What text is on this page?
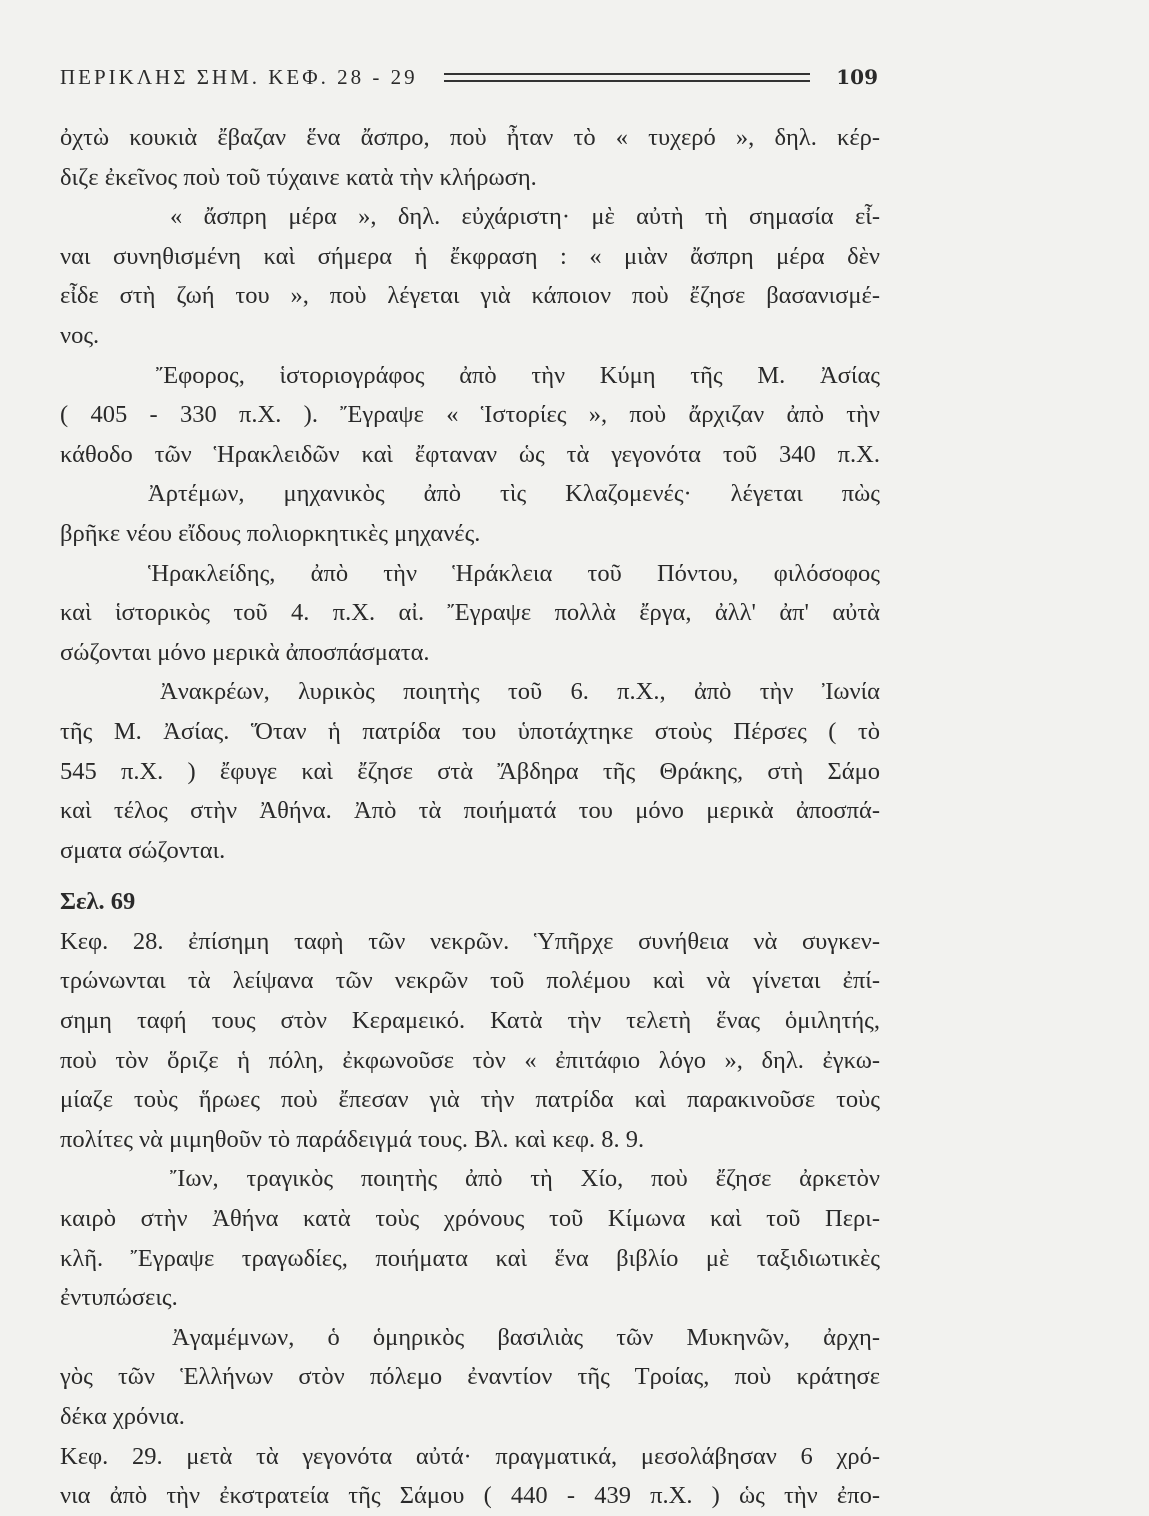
ΠΕΡΙΚΛΗΣ ΣΗΜ. ΚΕΦ. 28 - 29	109
ὀχτὼ κουκιὰ ἔβαζαν ἕνα ἄσπρο, ποὺ ἦταν τὸ « τυχερό », δηλ. κέρ-
διζε ἐκεῖνος ποὺ τοῦ τύχαινε κατὰ τὴν κλήρωση.
« ἄσπρη μέρα », δηλ. εὐχάριστη· μὲ αὐτὴ τὴ σημασία εἶ-
ναι συνηθισμένη καὶ σήμερα ἡ ἔκφραση : « μιὰν ἄσπρη μέρα δὲν
εἶδε στὴ ζωή του », ποὺ λέγεται γιὰ κάποιον ποὺ ἔζησε βασανισμέ-
νος.
Ἔφορος, ἱστοριογράφος ἀπὸ τὴν Κύμη τῆς Μ. Ἀσίας
( 405 - 330 π.Χ. ). Ἔγραψε « Ἱστορίες », ποὺ ἄρχιζαν ἀπὸ τὴν
κάθοδο τῶν Ἡρακλειδῶν καὶ ἔφταναν ὡς τὰ γεγονότα τοῦ 340 π.Χ.
Ἀρτέμων, μηχανικὸς ἀπὸ τὶς Κλαζομενές· λέγεται πὼς
βρῆκε νέου εἴδους πολιορκητικὲς μηχανές.
Ἡρακλείδης, ἀπὸ τὴν Ἡράκλεια τοῦ Πόντου, φιλόσοφος
καὶ ἱστορικὸς τοῦ 4. π.Χ. αἰ. Ἔγραψε πολλὰ ἔργα, ἀλλ' ἀπ' αὐτὰ
σώζονται μόνο μερικὰ ἀποσπάσματα.
Ἀνακρέων, λυρικὸς ποιητὴς τοῦ 6. π.Χ., ἀπὸ τὴν Ἰωνία
τῆς Μ. Ἀσίας. Ὅταν ἡ πατρίδα του ὑποτάχτηκε στοὺς Πέρσες ( τὸ
545 π.Χ. ) ἔφυγε καὶ ἔζησε στὰ Ἄβδηρα τῆς Θράκης, στὴ Σάμο
καὶ τέλος στὴν Ἀθήνα. Ἀπὸ τὰ ποιήματά του μόνο μερικὰ ἀποσπά-
σματα σώζονται.
Σελ. 69
Κεφ. 28. ἐπίσημη ταφὴ τῶν νεκρῶν. Ὑπῆρχε συνήθεια νὰ συγκεν-
τρώνωνται τὰ λείψανα τῶν νεκρῶν τοῦ πολέμου καὶ νὰ γίνεται ἐπί-
σημη ταφή τους στὸν Κεραμεικό. Κατὰ τὴν τελετὴ ἕνας ὁμιλητής,
ποὺ τὸν ὅριζε ἡ πόλη, ἐκφωνοῦσε τὸν « ἐπιτάφιο λόγο », δηλ. ἐγκω-
μίαζε τοὺς ἥρωες ποὺ ἔπεσαν γιὰ τὴν πατρίδα καὶ παρακινοῦσε τοὺς
πολίτες νὰ μιμηθοῦν τὸ παράδειγμά τους. Βλ. καὶ κεφ. 8. 9.
Ἴων, τραγικὸς ποιητὴς ἀπὸ τὴ Χίο, ποὺ ἔζησε ἀρκετὸν
καιρὸ στὴν Ἀθήνα κατὰ τοὺς χρόνους τοῦ Κίμωνα καὶ τοῦ Περι-
κλῆ. Ἔγραψε τραγωδίες, ποιήματα καὶ ἕνα βιβλίο μὲ ταξιδιωτικὲς
ἐντυπώσεις.
Ἀγαμέμνων, ὁ ὁμηρικὸς βασιλιὰς τῶν Μυκηνῶν, ἀρχη-
γὸς τῶν Ἑλλήνων στὸν πόλεμο ἐναντίον τῆς Τροίας, ποὺ κράτησε
δέκα χρόνια.
Κεφ. 29. μετὰ τὰ γεγονότα αὐτά· πραγματικά, μεσολάβησαν 6 χρό-
νια ἀπὸ τὴν ἐκστρατεία τῆς Σάμου ( 440 - 439 π.Χ. ) ὡς τὴν ἐπο-
